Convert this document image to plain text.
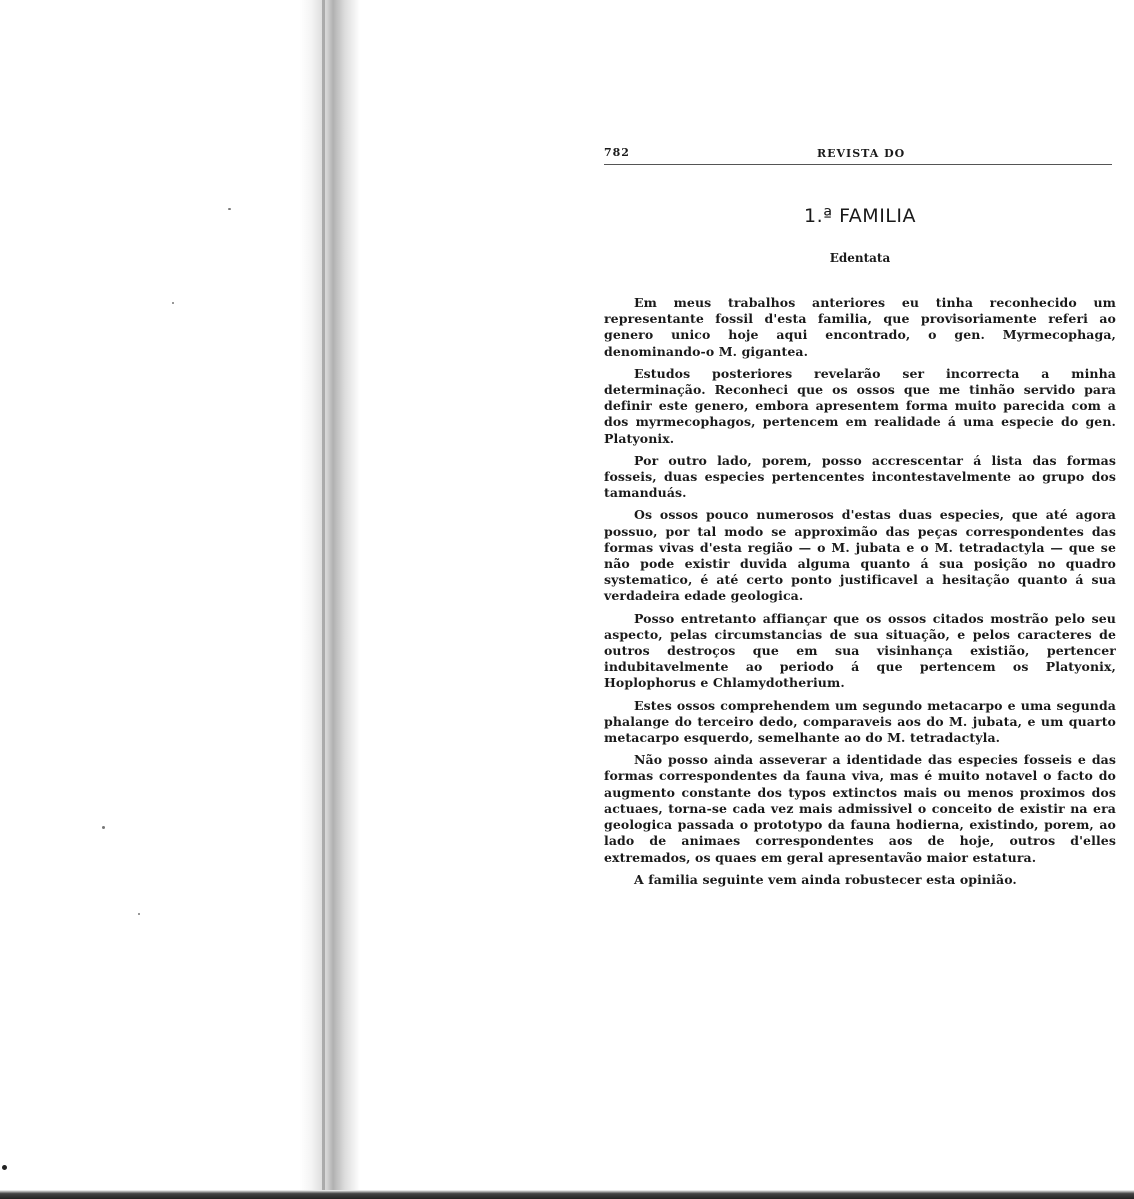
782	REVISTA DO
1.ª FAMILIA
Edentata

Em meus trabalhos anteriores eu tinha reconhecido um representante fossil d'esta familia, que provisoriamente referi ao genero unico hoje aqui encontrado, o gen. Myrmecophaga, denominando-o M. gigantea.

Estudos posteriores revelarão ser incorrecta a minha determinação. Reconheci que os ossos que me tinhão servido para definir este genero, embora apresentem forma muito parecida com a dos myrmecophagos, pertencem em realidade á uma especie do gen. Platyonix.

Por outro lado, porem, posso accrescentar á lista das formas fosseis, duas especies pertencentes incontestavelmente ao grupo dos tamanduás.

Os ossos pouco numerosos d'estas duas especies, que até agora possuo, por tal modo se approximão das peças correspondentes das formas vivas d'esta região — o M. jubata e o M. tetradactyla — que se não pode existir duvida alguma quanto á sua posição no quadro systematico, é até certo ponto justificavel a hesitação quanto á sua verdadeira edade geologica.

Posso entretanto affiançar que os ossos citados mostrão pelo seu aspecto, pelas circumstancias de sua situação, e pelos caracteres de outros destroços que em sua visinhança existião, pertencer indubitavelmente ao periodo á que pertencem os Platyonix, Hoplophorus e Chlamydotherium.

Estes ossos comprehendem um segundo metacarpo e uma segunda phalange do terceiro dedo, comparaveis aos do M. jubata, e um quarto metacarpo esquerdo, semelhante ao do M. tetradactyla.

Não posso ainda asseverar a identidade das especies fosseis e das formas correspondentes da fauna viva, mas é muito notavel o facto do augmento constante dos typos extinctos mais ou menos proximos dos actuaes, torna-se cada vez mais admissivel o conceito de existir na era geologica passada o prototypo da fauna hodierna, existindo, porem, ao lado de animaes correspondentes aos de hoje, outros d'elles extremados, os quaes em geral apresentavão maior estatura.

A familia seguinte vem ainda robustecer esta opinião.
